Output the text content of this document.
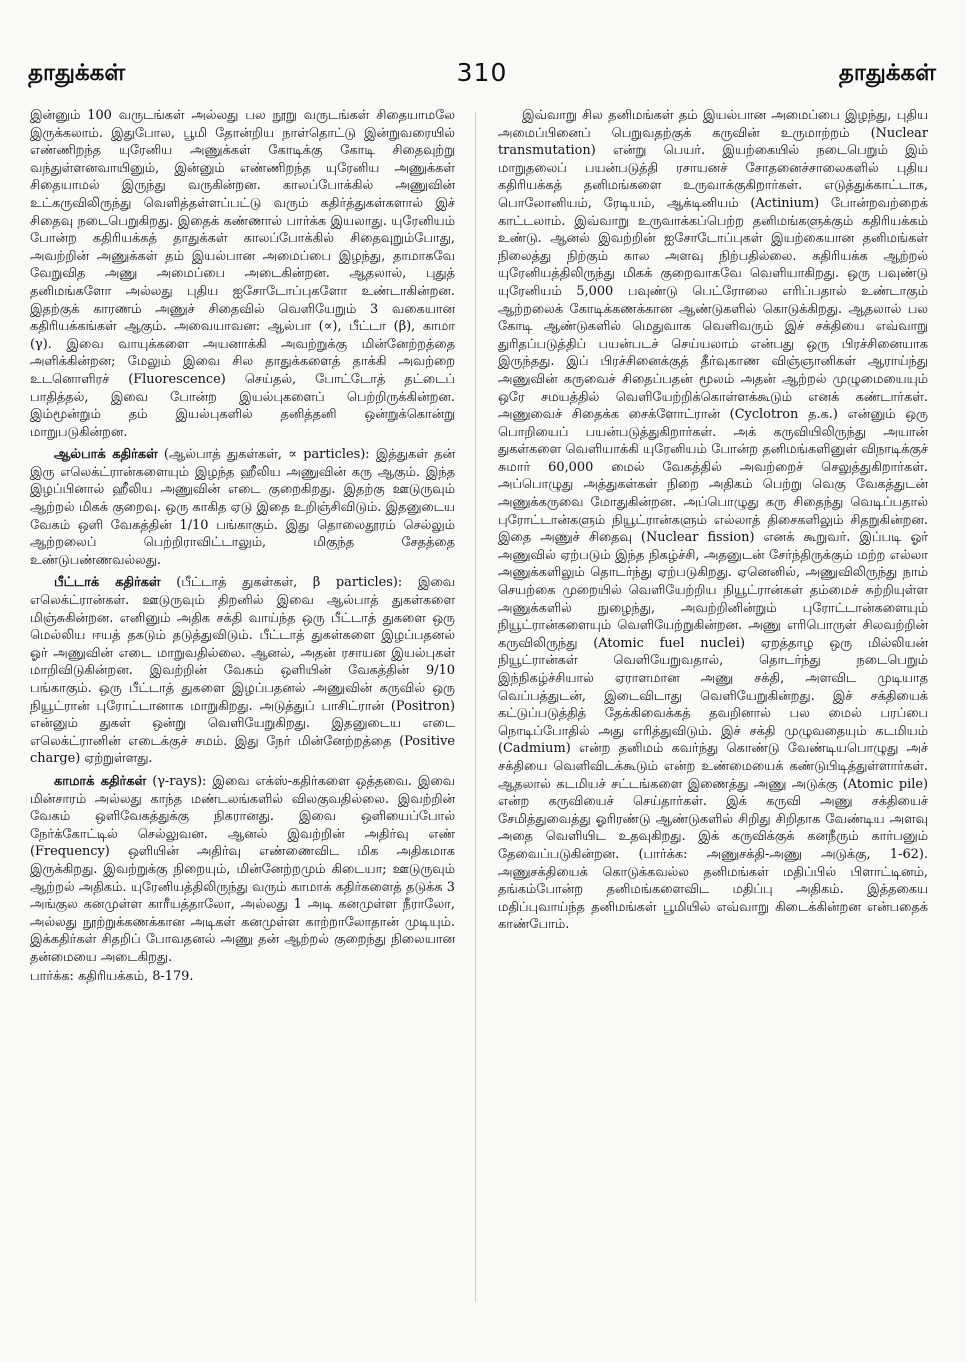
தாதுக்கள்	310	தாதுக்கள்

இன்னும் 100 வருடங்கள் அல்லது பல நூறு வருடங்கள் சிதையாமலே இருக்கலாம். இதுபோல, பூமி தோன்றிய நாள்தொட்டு இன்றுவரையில் எண்ணிறந்த யுரேனிய அணுக்கள் கோடிக்கு கோடி சிதைவுற்று வந்துள்ளனவாயினும், இன்னும் எண்ணிறந்த யுரேனிய அணுக்கள் சிதையாமல் இருந்து வருகின்றன. காலப்போக்கில் அணுவின் உட்கருவிலிருந்து வெளித்தள்ளப்பட்டு வரும் கதிர்த்துகள்களால் இச் சிதைவு நடைபெறுகிறது. இதைக் கண்ணால் பார்க்க இயலாது. யுரேனியம் போன்ற கதிரியக்கத் தாதுக்கள் காலப்போக்கில் சிதைவுறும்போது, அவற்றின் அணுக்கள் தம் இயல்பான அமைப்பை இழந்து, தாமாகவே வேறுவித அணு அமைப்பை அடைகின்றன. ஆதலால், புதுத் தனிமங்களோ அல்லது புதிய ஐசோடோப்புகளோ உண்டாகின்றன. இதற்குக் காரணம் அணுச் சிதைவில் வெளியேறும் 3 வகையான கதிரியக்கங்கள் ஆகும். அவையாவன: ஆல்பா (∝), பீட்டா (β), காமா (γ). இவை வாயுக்களை அயனாக்கி அவற்றுக்கு மின்னேற்றத்தை அளிக்கின்றன; மேலும் இவை சில தாதுக்களைத் தாக்கி அவற்றை உடனொளிரச் (Fluorescence) செய்தல், போட்டோத் தட்டைப் பாதித்தல், இவை போன்ற இயல்புகளைப் பெற்றிருக்கின்றன. இம்மூன்றும் தம் இயல்புகளில் தனித்தனி ஒன்றுக்கொன்று மாறுபடுகின்றன.

ஆல்பாக் கதிர்கள் (ஆல்பாத் துகள்கள், ∝ particles): இத்துகள் தன் இரு எலெக்ட்ரான்களையும் இழந்த ஹீலிய அணுவின் கரு ஆகும். இந்த இழப்பினால் ஹீலிய அணுவின் எடை குறைகிறது. இதற்கு ஊடுருவும் ஆற்றல் மிகக் குறைவு. ஒரு காகித ஏடு இதை உறிஞ்சிவிடும். இதனுடைய வேகம் ஒளி வேகத்தின் 1/10 பங்காகும். இது தொலைதூரம் செல்லும் ஆற்றலைப் பெற்றிராவிட்டாலும், மிகுந்த சேதத்தை உண்டுபண்ணவல்லது.

பீட்டாக் கதிர்கள் (பீட்டாத் துகள்கள், β particles): இவை எலெக்ட்ரான்கள். ஊடுருவும் திறனில் இவை ஆல்பாத் துகள்களை மிஞ்சுகின்றன. எனினும் அதிக சக்தி வாய்ந்த ஒரு பீட்டாத் துகளை ஒரு மெல்லிய ஈயத் தகடும் தடுத்துவிடும். பீட்டாத் துகள்களை இழப்பதனல் ஓர் அணுவின் எடை மாறுவதில்லை. ஆனல், அதன் ரசாயன இயல்புகள் மாறிவிடுகின்றன. இவற்றின் வேகம் ஒளியின் வேகத்தின் 9/10 பங்காகும். ஒரு பீட்டாத் துகளை இழப்பதனல் அணுவின் கருவில் ஒரு நியூட்ரான் புரோட்டானாக மாறுகிறது. அடுத்துப் பாசிட்ரான் (Positron) என்னும் துகள் ஒன்று வெளியேறுகிறது. இதனுடைய எடை எலெக்ட்ரானின் எடைக்குச் சமம். இது நேர் மின்னேற்றத்தை (Positive charge) ஏற்றுள்ளது.

காமாக் கதிர்கள் (γ-rays): இவை எக்ஸ்-கதிர்களை ஒத்தவை. இவை மின்சாரம் அல்லது காந்த மண்டலங்களில் விலகுவதில்லை. இவற்றின் வேகம் ஒளிவேகத்துக்கு நிகரானது. இவை ஒளியைப்போல் நேர்க்கோட்டில் செல்லுவன. ஆனல் இவற்றின் அதிர்வு எண் (Frequency) ஒளியின் அதிர்வு எண்ணைவிட மிக அதிகமாக இருக்கிறது. இவற்றுக்கு நிறையும், மின்னேற்றமும் கிடையா; ஊடுருவும் ஆற்றல் அதிகம். யுரேனியத்திலிருந்து வரும் காமாக் கதிர்களைத் தடுக்க 3 அங்குல கனமுள்ள காரீயத்தாலோ, அல்லது 1 அடி கனமுள்ள நீராலோ, அல்லது நூற்றுக்கணக்கான அடிகள் கனமுள்ள காற்றாலோதான் முடியும். இக்கதிர்கள் சிதறிப் போவதனல் அணு தன் ஆற்றல் குறைந்து நிலையான தன்மையை அடைகிறது.

பார்க்க: கதிரியக்கம், 8-179.

இவ்வாறு சில தனிமங்கள் தம் இயல்பான அமைப்பை இழந்து, புதிய அமைப்பினைப் பெறுவதற்குக் கருவின் உருமாற்றம் (Nuclear transmutation) என்று பெயர். இயற்கையில் நடைபெறும் இம் மாறுதலைப் பயன்படுத்தி ரசாயனச் சோதனைச்சாலைகளில் புதிய கதிரியக்கத் தனிமங்களை உருவாக்குகிறார்கள். எடுத்துக்காட்டாக, பொலோனியம், ரேடியம், ஆக்டினியம் (Actinium) போன்றவற்றைக் காட்டலாம். இவ்வாறு உருவாக்கப்பெற்ற தனிமங்களுக்கும் கதிரியக்கம் உண்டு. ஆனல் இவற்றின் ஐசோடோப்புகள் இயற்கையான தனிமங்கள் நிலைத்து நிற்கும் கால அளவு நிற்பதில்லை. கதிரியக்க ஆற்றல் யுரேனியத்திலிருந்து மிகக் குறைவாகவே வெளியாகிறது. ஒரு பவுண்டு யுரேனியம் 5,000 பவுண்டு பெட்ரோலை எரிப்பதால் உண்டாகும் ஆற்றலைக் கோடிக்கணக்கான ஆண்டுகளில் கொடுக்கிறது. ஆதலால் பல கோடி ஆண்டுகளில் மெதுவாக வெளிவரும் இச் சக்தியை எவ்வாறு துரிதப்படுத்திப் பயன்படச் செய்யலாம் என்பது ஒரு பிரச்சினையாக இருந்தது. இப் பிரச்சினைக்குத் தீர்வுகாண விஞ்ஞானிகள் ஆராய்ந்து அணுவின் கருவைச் சிதைப்பதன் மூலம் அதன் ஆற்றல் முழுமையையும் ஒரே சமயத்தில் வெளியேற்றிக்கொள்ளக்கூடும் எனக் கண்டார்கள். அணுவைச் சிதைக்க சைக்ளோட்ரான் (Cyclotron த.க.) என்னும் ஒரு பொறியைப் பயன்படுத்துகிறார்கள். அக் கருவியிலிருந்து அயான் துகள்களை வெளியாக்கி யுரேனியம் போன்ற தனிமங்களினுள் விநாடிக்குச் சுமார் 60,000 மைல் வேகத்தில் அவற்றைச் செலுத்துகிறார்கள். அப்பொழுது அத்துகள்கள் நிறை அதிகம் பெற்று வெகு வேகத்துடன் அணுக்கருவை மோதுகின்றன. அப்பொழுது கரு சிதைந்து வெடிப்பதால் புரோட்டான்களும் நியூட்ரான்களும் எல்லாத் திசைகளிலும் சிதறுகின்றன. இதை அணுச் சிதைவு (Nuclear fission) எனக் கூறுவர். இப்படி ஓர் அணுவில் ஏற்படும் இந்த நிகழ்ச்சி, அதனுடன் சேர்ந்திருக்கும் மற்ற எல்லா அணுக்களிலும் தொடர்ந்து ஏற்படுகிறது. ஏனெனில், அணுவிலிருந்து நாம் செயற்கை முறையில் வெளியேற்றிய நியூட்ரான்கள் தம்மைச் சுற்றியுள்ள அணுக்களில் நுழைந்து, அவற்றினின்றும் புரோட்டான்களையும் நியூட்ரான்களையும் வெளியேற்றுகின்றன. அணு எரிபொருள் சிலவற்றின் கருவிலிருந்து (Atomic fuel nuclei) ஏறத்தாழ ஒரு மில்லியன் நியூட்ரான்கள் வெளியேறுவதால், தொடர்ந்து நடைபெறும் இந்நிகழ்ச்சியால் ஏராளமான அணு சக்தி, அளவிட முடியாத வெப்பத்துடன், இடைவிடாது வெளியேறுகின்றது. இச் சக்தியைக் கட்டுப்படுத்தித் தேக்கிவைக்கத் தவறினால் பல மைல் பரப்பை நொடிப்போதில் அது எரித்துவிடும். இச் சக்தி முழுவதையும் கடமியம் (Cadmium) என்ற தனிமம் கவர்ந்து கொண்டு வேண்டியபொழுது அச் சக்தியை வெளிவிடக்கூடும் என்ற உண்மையைக் கண்டுபிடித்துள்ளார்கள். ஆதலால் கடமியச் சட்டங்களை இணைத்து அணு அடுக்கு (Atomic pile) என்ற கருவியைச் செய்தார்கள். இக் கருவி அணு சக்தியைச் சேமித்துவைத்து ஓரிரண்டு ஆண்டுகளில் சிறிது சிறிதாக வேண்டிய அளவு அதை வெளியிட உதவுகிறது. இக் கருவிக்குக் கனநீரும் கார்பனும் தேவைப்படுகின்றன. (பார்க்க: அணுசக்தி-அணு அடுக்கு, 1-62). அணுசக்தியைக் கொடுக்கவல்ல தனிமங்கள் மதிப்பில் பிளாட்டினம், தங்கம்போன்ற தனிமங்களைவிட மதிப்பு அதிகம். இத்தகைய மதிப்புவாய்ந்த தனிமங்கள் பூமியில் எவ்வாறு கிடைக்கின்றன என்பதைக் காண்போம்.
